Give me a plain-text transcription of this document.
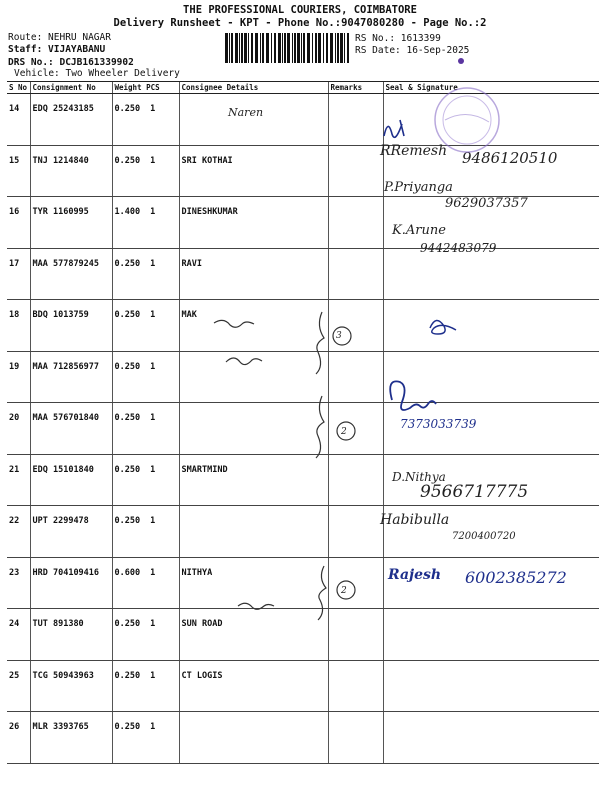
THE PROFESSIONAL COURIERS, COIMBATORE
Delivery Runsheet - KPT - Phone No.:9047080280 - Page No.:2
Route: NEHRU NAGAR
Staff: VIJAYABANU
DRS No.: DCJB161339902
Vehicle: Two Wheeler Delivery
RS No.: 1613399
RS Date: 16-Sep-2025
S No	Consignment No	Weight PCS	Consignee Details	Remarks	Seal & Signature
14	EDQ 25243185	0.250 1			
15	TNJ 1214840	0.250 1	SRI KOTHAI		
16	TYR 1160995	1.400 1	DINESHKUMAR		
17	MAA 577879245	0.250 1	RAVI		
18	BDQ 1013759	0.250 1	MAK		
19	MAA 712856977	0.250 1			
20	MAA 576701840	0.250 1			
21	EDQ 15101840	0.250 1	SMARTMIND		
22	UPT 2299478	0.250 1			
23	HRD 704109416	0.600 1	NITHYA		
24	TUT 891380	0.250 1	SUN ROAD		
25	TCG 50943963	0.250 1	CT LOGIS		
26	MLR 3393765	0.250 1			
Naren
RRemesh 9486120510
P.Priyanga
9629037357
K.Arune
9442483079
7373033739
D.Nithya
9566717775
Habibulla
7200400720
Rajesh 6002385272
3
2
2
